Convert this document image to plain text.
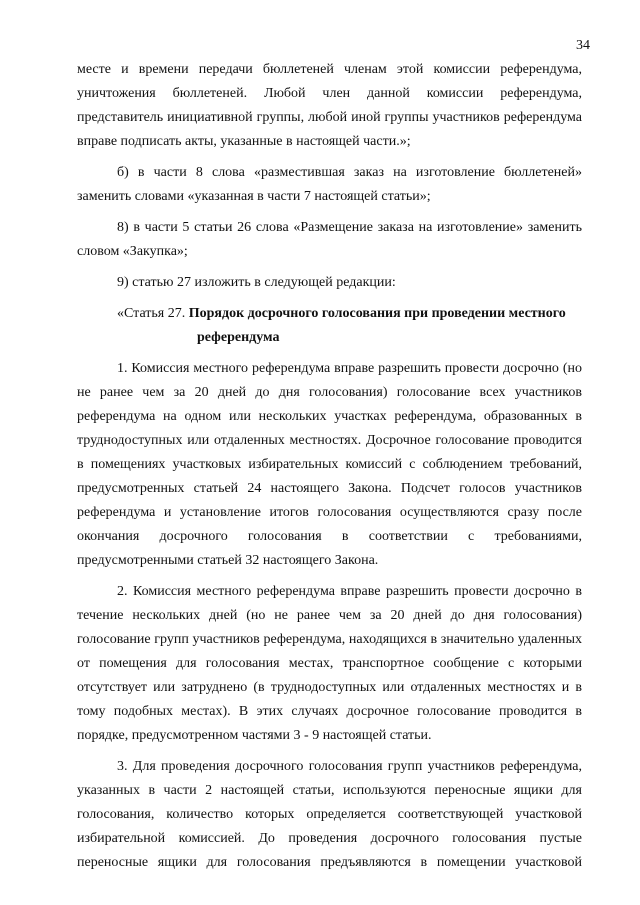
34

месте и времени передачи бюллетеней членам этой комиссии референдума, уничтожения бюллетеней. Любой член данной комиссии референдума, представитель инициативной группы, любой иной группы участников референдума вправе подписать акты, указанные в настоящей части.»;

б) в части 8 слова «разместившая заказ на изготовление бюллетеней» заменить словами «указанная в части 7 настоящей статьи»;

8) в части 5 статьи 26 слова «Размещение заказа на изготовление» заменить словом «Закупка»;

9) статью 27 изложить в следующей редакции:

«Статья 27. Порядок досрочного голосования при проведении местного
референдума

1. Комиссия местного референдума вправе разрешить провести досрочно (но не ранее чем за 20 дней до дня голосования) голосование всех участников референдума на одном или нескольких участках референдума, образованных в труднодоступных или отдаленных местностях. Досрочное голосование проводится в помещениях участковых избирательных комиссий с соблюдением требований, предусмотренных статьей 24 настоящего Закона. Подсчет голосов участников референдума и установление итогов голосования осуществляются сразу после окончания досрочного голосования в соответствии с требованиями, предусмотренными статьей 32 настоящего Закона.

2. Комиссия местного референдума вправе разрешить провести досрочно в течение нескольких дней (но не ранее чем за 20 дней до дня голосования) голосование групп участников референдума, находящихся в значительно удаленных от помещения для голосования местах, транспортное сообщение с которыми отсутствует или затруднено (в труднодоступных или отдаленных местностях и в тому подобных местах). В этих случаях досрочное голосование проводится в порядке, предусмотренном частями 3 - 9 настоящей статьи.

3. Для проведения досрочного голосования групп участников референдума, указанных в части 2 настоящей статьи, используются переносные ящики для голосования, количество которых определяется соответствующей участковой избирательной комиссией. До проведения досрочного голосования пустые переносные ящики для голосования предъявляются в помещении участковой
